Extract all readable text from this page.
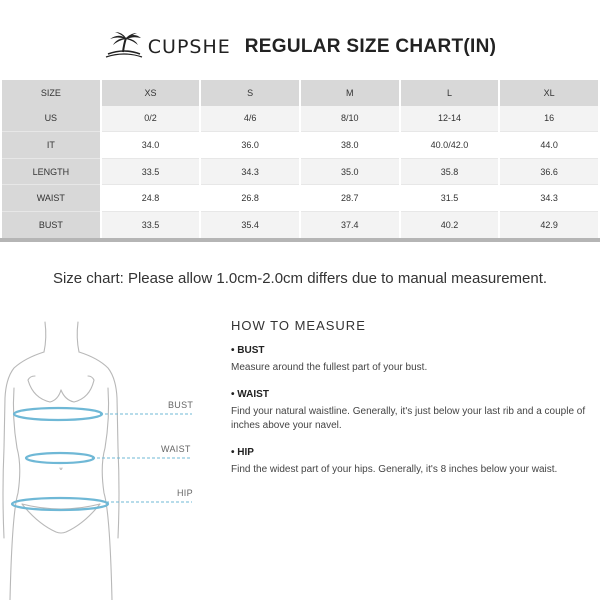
CUPSHE REGULAR SIZE CHART(IN)
SIZE	XS	S	M	L	XL
US	0/2	4/6	8/10	12-14	16
IT	34.0	36.0	38.0	40.0/42.0	44.0
LENGTH	33.5	34.3	35.0	35.8	36.6
WAIST	24.8	26.8	28.7	31.5	34.3
BUST	33.5	35.4	37.4	40.2	42.9
Size chart: Please allow 1.0cm-2.0cm differs due to manual measurement.
BUST
WAIST
HIP
HOW TO MEASURE
• BUST
Measure around the fullest part of your bust.
• WAIST
Find your natural waistline. Generally, it's just below your last rib and a couple of inches above your navel.
• HIP
Find the widest part of your hips. Generally, it's 8 inches below your waist.
